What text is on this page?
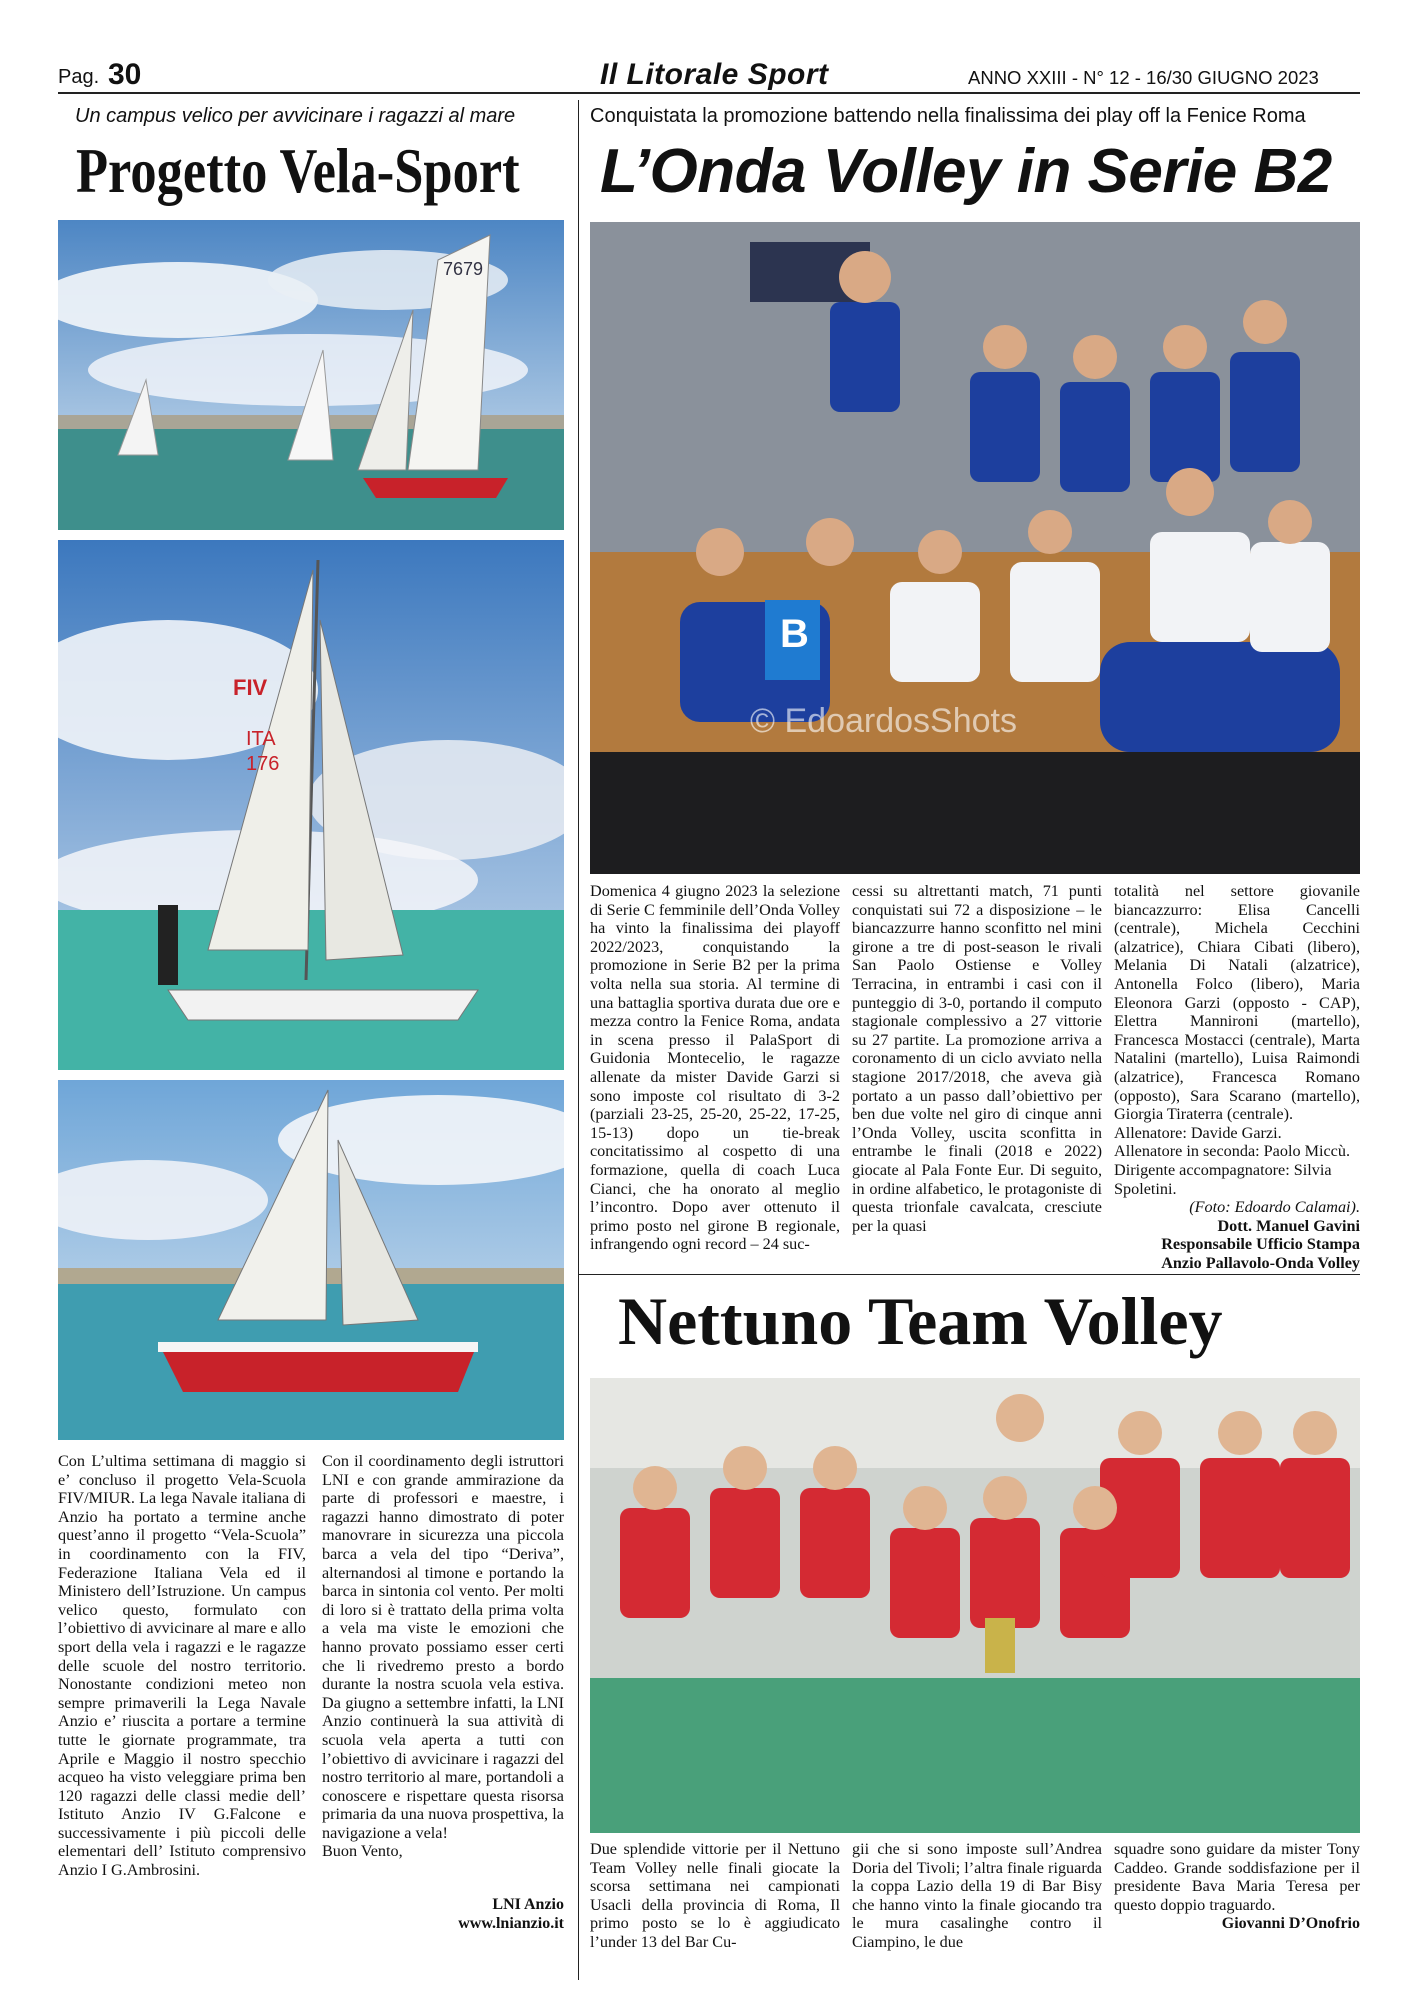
Pag. 30	Il Litorale Sport	ANNO XXIII - N° 12 - 16/30 GIUGNO 2023
Un campus velico per avvicinare i ragazzi al mare
Progetto Vela-Sport
7679
FIV
ITA
176
Con L’ultima settimana di maggio si e’ concluso il progetto Vela-Scuola FIV/MIUR. La lega Navale italiana di Anzio ha portato a termine anche quest’anno il progetto “Vela-Scuola” in coordinamento con la FIV, Federazione Italiana Vela ed il Ministero dell’Istruzione. Un campus velico questo, formulato con l’obiettivo di avvicinare al mare e allo sport della vela i ragazzi e le ragazze delle scuole del nostro territorio. Nonostante condizioni meteo non sempre primaverili la Lega Navale Anzio e’ riuscita a portare a termine tutte le giornate programmate, tra Aprile e Maggio il nostro specchio acqueo ha visto veleggiare prima ben 120 ragazzi delle classi medie dell’ Istituto Anzio IV G.Falcone e successivamente i più piccoli delle elementari dell’ Istituto comprensivo Anzio I G.Ambrosini.

Con il coordinamento degli istruttori LNI e con grande ammirazione da parte di professori e maestre, i ragazzi hanno dimostrato di poter manovrare in sicurezza una piccola barca a vela del tipo “Deriva”, alternandosi al timone e portando la barca in sintonia col vento. Per molti di loro si è trattato della prima volta a vela ma viste le emozioni che hanno provato possiamo esser certi che li rivedremo presto a bordo durante la nostra scuola vela estiva. Da giugno a settembre infatti, la LNI Anzio continuerà la sua attività di scuola vela aperta a tutti con l’obiettivo di avvicinare i ragazzi del nostro territorio al mare, portandoli a conoscere e rispettare questa risorsa primaria da una nuova prospettiva, la navigazione a vela!

Buon Vento,

LNI Anzio
www.lnianzio.it
Conquistata la promozione battendo nella finalissima dei play off la Fenice Roma
L’Onda Volley in Serie B2
B
© EdoardosShots
Domenica 4 giugno 2023 la selezione di Serie C femminile dell’Onda Volley ha vinto la finalissima dei playoff 2022/2023, conquistando la promozione in Serie B2 per la prima volta nella sua storia. Al termine di una battaglia sportiva durata due ore e mezza contro la Fenice Roma, andata in scena presso il PalaSport di Guidonia Montecelio, le ragazze allenate da mister Davide Garzi si sono imposte col risultato di 3-2 (parziali 23-25, 25-20, 25-22, 17-25, 15-13) dopo un tie-break concitatissimo al cospetto di una formazione, quella di coach Luca Cianci, che ha onorato al meglio l’incontro. Dopo aver ottenuto il primo posto nel girone B regionale, infrangendo ogni record – 24 suc-
cessi su altrettanti match, 71 punti conquistati sui 72 a disposizione – le biancazzurre hanno sconfitto nel mini girone a tre di post-season le rivali San Paolo Ostiense e Volley Terracina, in entrambi i casi con il punteggio di 3-0, portando il computo stagionale complessivo a 27 vittorie su 27 partite. La promozione arriva a coronamento di un ciclo avviato nella stagione 2017/2018, che aveva già portato a un passo dall’obiettivo per ben due volte nel giro di cinque anni l’Onda Volley, uscita sconfitta in entrambe le finali (2018 e 2022) giocate al Pala Fonte Eur. Di seguito, in ordine alfabetico, le protagoniste di questa trionfale cavalcata, cresciute per la quasi

totalità nel settore giovanile biancazzurro: Elisa Cancelli (centrale), Michela Cecchini (alzatrice), Chiara Cibati (libero), Melania Di Natali (alzatrice), Antonella Folco (libero), Maria Eleonora Garzi (opposto - CAP), Elettra Mannironi (martello), Francesca Mostacci (centrale), Marta Natalini (martello), Luisa Raimondi (alzatrice), Francesca Romano (opposto), Sara Scarano (martello), Giorgia Tiraterra (centrale).

Allenatore: Davide Garzi.

Allenatore in seconda: Paolo Miccù.

Dirigente accompagnatore: Silvia Spoletini.

(Foto: Edoardo Calamai).

Dott. Manuel Gavini

Responsabile Ufficio Stampa

Anzio Pallavolo-Onda Volley

Nettuno Team Volley
Due splendide vittorie per il Nettuno Team Volley nelle finali giocate la scorsa settimana nei campionati Usacli della provincia di Roma, Il primo posto se lo è aggiudicato l’under 13 del Bar Cu-
gii che si sono imposte sull’Andrea Doria del Tivoli; l’altra finale riguarda la coppa Lazio della 19 di Bar Bisy che hanno vinto la finale giocando tra le mura casalinghe contro il Ciampino, le due
squadre sono guidare da mister Tony Caddeo. Grande soddisfazione per il presidente Bava Maria Teresa per questo doppio traguardo.
Giovanni D’Onofrio
